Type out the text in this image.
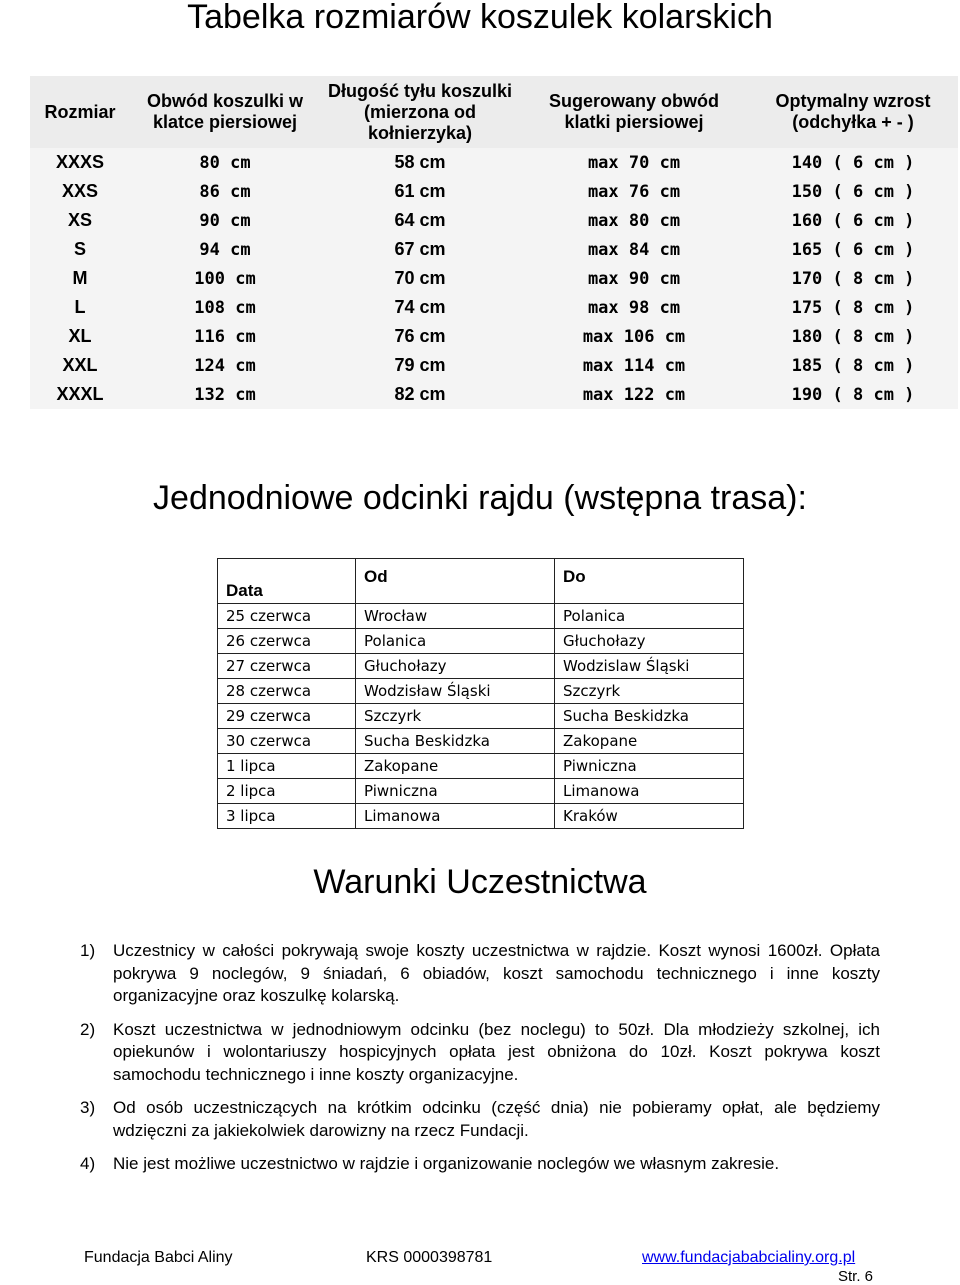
Tabelka rozmiarów koszulek kolarskich
Rozmiar	Obwód koszulki w klatce piersiowej	Długość tyłu koszulki (mierzona od kołnierzyka)	Sugerowany obwód klatki piersiowej	Optymalny wzrost (odchyłka + - )
XXXS	80 cm	58 cm	max 70 cm	140 ( 6 cm )
XXS	86 cm	61 cm	max 76 cm	150 ( 6 cm )
XS	90 cm	64 cm	max 80 cm	160 ( 6 cm )
S	94 cm	67 cm	max 84 cm	165 ( 6 cm )
M	100 cm	70 cm	max 90 cm	170 ( 8 cm )
L	108 cm	74 cm	max 98 cm	175 ( 8 cm )
XL	116 cm	76 cm	max 106 cm	180 ( 8 cm )
XXL	124 cm	79 cm	max 114 cm	185 ( 8 cm )
XXXL	132 cm	82 cm	max 122 cm	190 ( 8 cm )
Jednodniowe odcinki rajdu (wstępna trasa):
Data	Od	Do
25 czerwca	Wrocław	Polanica
26 czerwca	Polanica	Głuchołazy
27 czerwca	Głuchołazy	Wodzislaw Śląski
28 czerwca	Wodzisław Śląski	Szczyrk
29 czerwca	Szczyrk	Sucha Beskidzka
30 czerwca	Sucha Beskidzka	Zakopane
1 lipca	Zakopane	Piwniczna
2 lipca	Piwniczna	Limanowa
3 lipca	Limanowa	Kraków
Warunki Uczestnictwa
1) Uczestnicy w całości pokrywają swoje koszty uczestnictwa w rajdzie. Koszt wynosi 1600zł. Opłata pokrywa 9 noclegów, 9 śniadań, 6 obiadów, koszt samochodu technicznego i inne koszty organizacyjne oraz koszulkę kolarską.
2) Koszt uczestnictwa w jednodniowym odcinku (bez noclegu) to 50zł. Dla młodzieży szkolnej, ich opiekunów i wolontariuszy hospicyjnych opłata jest obniżona do 10zł. Koszt pokrywa koszt samochodu technicznego i inne koszty organizacyjne.
3) Od osób uczestniczących na krótkim odcinku (część dnia) nie pobieramy opłat, ale będziemy wdzięczni za jakiekolwiek darowizny na rzecz Fundacji.
4) Nie jest możliwe uczestnictwo w rajdzie i organizowanie noclegów we własnym zakresie.
Fundacja Babci Aliny	KRS 0000398781	www.fundacjababcialiny.org.pl
Str. 6
